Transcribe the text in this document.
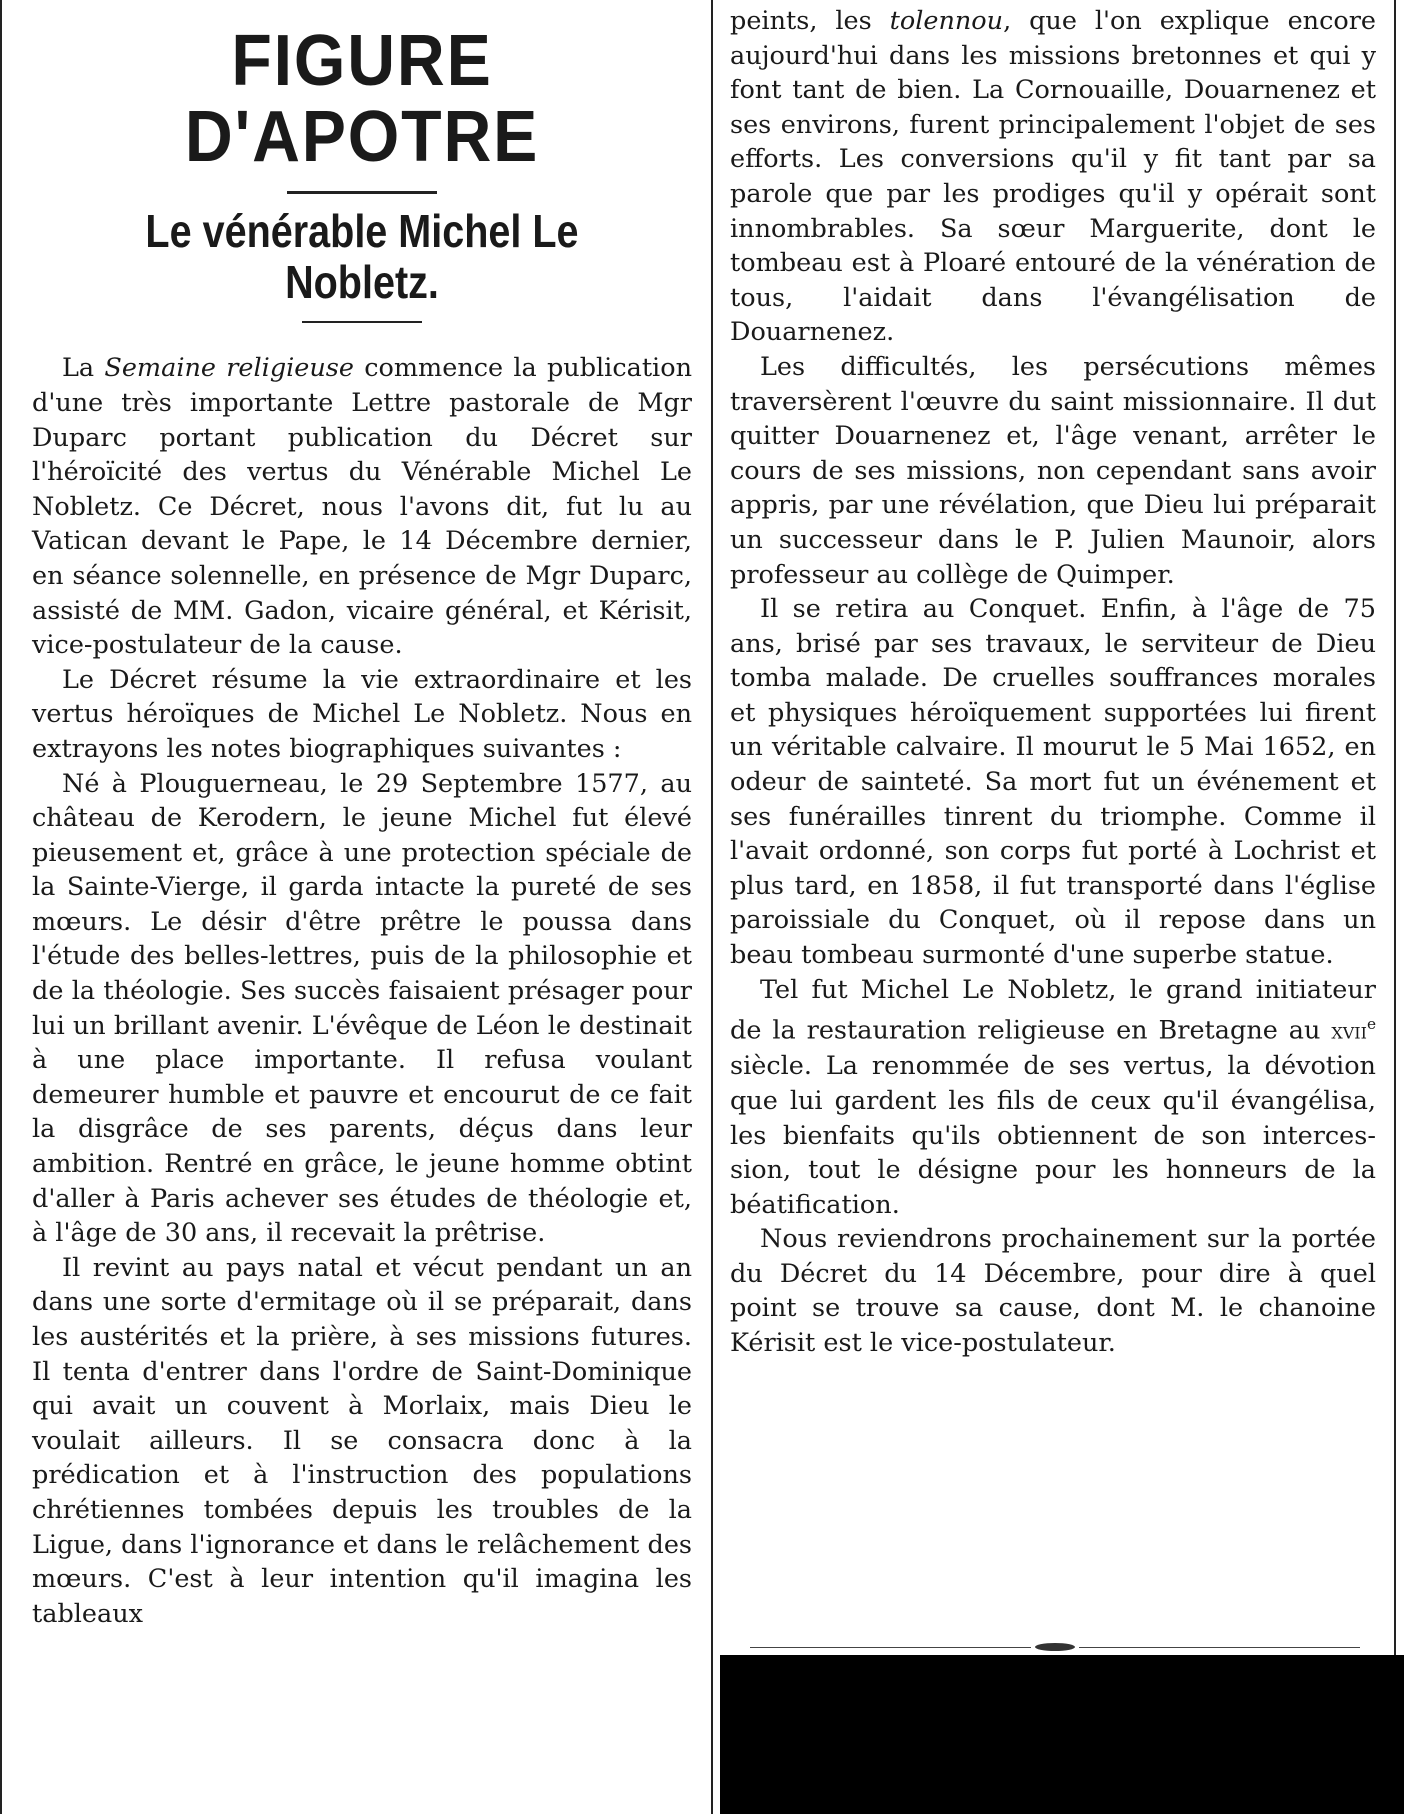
FIGURE D'APOTRE
Le vénérable Michel Le Nobletz.

La Semaine religieuse commence la publication d'une très importante Lettre pastorale de Mgr Duparc portant publication du Décret sur l'héroïcité des vertus du Vénérable Michel Le Nobletz. Ce Décret, nous l'avons dit, fut lu au Vatican devant le Pape, le 14 Décembre dernier, en séance solennelle, en présence de Mgr Duparc, assisté de MM. Gadon, vicaire général, et Kérisit, vice-postulateur de la cause.

Le Décret résume la vie extraordinaire et les vertus héroïques de Michel Le Nobletz. Nous en extrayons les notes biographiques suivantes :

Né à Plouguerneau, le 29 Septembre 1577, au château de Kerodern, le jeune Michel fut élevé pieusement et, grâce à une protection spéciale de la Sainte-Vierge, il garda intacte la pureté de ses mœurs. Le désir d'être prêtre le poussa dans l'étude des belles-lettres, puis de la philosophie et de la théologie. Ses succès faisaient présager pour lui un brillant avenir. L'évêque de Léon le destinait à une place importante. Il refusa voulant demeurer humble et pauvre et encourut de ce fait la disgrâce de ses parents, déçus dans leur ambition. Rentré en grâce, le jeune homme obtint d'aller à Paris achever ses études de théologie et, à l'âge de 30 ans, il recevait la prêtrise.

Il revint au pays natal et vécut pendant un an dans une sorte d'ermitage où il se préparait, dans les austérités et la prière, à ses missions futures. Il tenta d'entrer dans l'ordre de Saint-Dominique qui avait un couvent à Morlaix, mais Dieu le voulait ailleurs. Il se consacra donc à la prédication et à l'instruction des populations chrétiennes tombées depuis les troubles de la Ligue, dans l'ignorance et dans le relâchement des mœurs. C'est à leur intention qu'il imagina les tableaux

peints, les tolennou, que l'on explique encore aujourd'hui dans les missions bretonnes et qui y font tant de bien. La Cornouaille, Douarnenez et ses environs, furent principalement l'objet de ses efforts. Les conversions qu'il y fit tant par sa parole que par les prodiges qu'il y opérait sont innombrables. Sa sœur Marguerite, dont le tombeau est à Ploaré entouré de la vénération de tous, l'aidait dans l'évangélisation de Douarnenez.

Les difficultés, les persécutions mêmes traversèrent l'œuvre du saint missionnaire. Il dut quitter Douarnenez et, l'âge venant, arrêter le cours de ses missions, non cependant sans avoir appris, par une révélation, que Dieu lui préparait un successeur dans le P. Julien Maunoir, alors professeur au collège de Quimper.

Il se retira au Conquet. Enfin, à l'âge de 75 ans, brisé par ses travaux, le serviteur de Dieu tomba malade. De cruelles souffrances morales et physiques héroïquement supportées lui firent un véritable calvaire. Il mourut le 5 Mai 1652, en odeur de sainteté. Sa mort fut un événement et ses funérailles tinrent du triomphe. Comme il l'avait ordonné, son corps fut porté à Lochrist et plus tard, en 1858, il fut transporté dans l'église paroissiale du Conquet, où il repose dans un beau tombeau surmonté d'une superbe statue.

Tel fut Michel Le Nobletz, le grand initiateur de la restauration religieuse en Bretagne au xvii$^e$ siècle. La renommée de ses vertus, la dévotion que lui gardent les fils de ceux qu'il évangélisa, les bienfaits qu'ils obtiennent de son intercession, tout le désigne pour les honneurs de la béatification.

Nous reviendrons prochainement sur la portée du Décret du 14 Décembre, pour dire à quel point se trouve sa cause, dont M. le chanoine Kérisit est le vice-postulateur.
